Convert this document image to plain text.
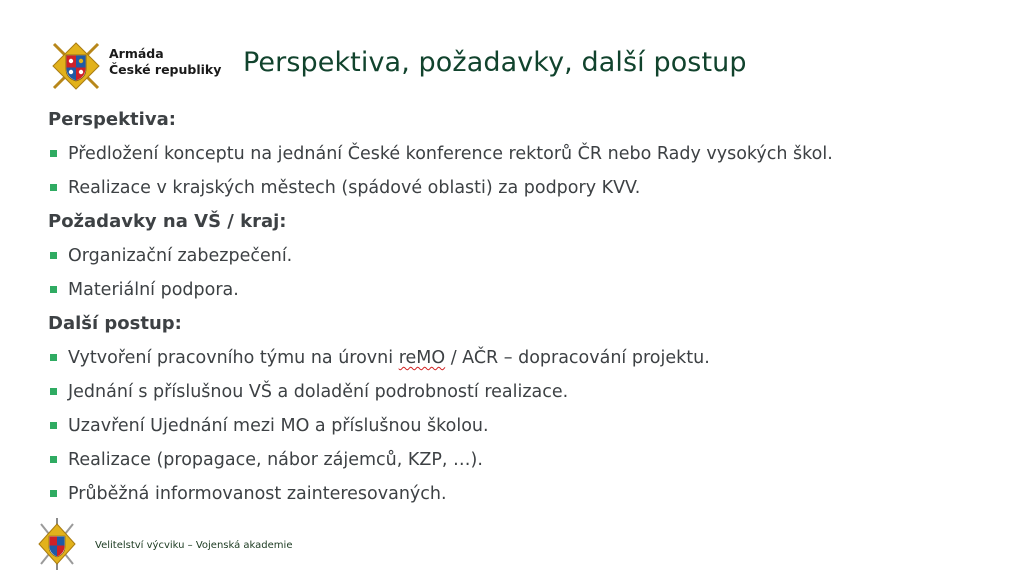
Armáda
České republiky Perspektiva, požadavky, další postup
Perspektiva:
Předložení konceptu na jednání České konference rektorů ČR nebo Rady vysokých škol.
Realizace v krajských městech (spádové oblasti) za podpory KVV.
Požadavky na VŠ / kraj:
Organizační zabezpečení.
Materiální podpora.
Další postup:
Vytvoření pracovního týmu na úrovni reMO / AČR – dopracování projektu.
Jednání s příslušnou VŠ a doladění podrobností realizace.
Uzavření Ujednání mezi MO a příslušnou školou.
Realizace (propagace, nábor zájemců, KZP, …).
Průběžná informovanost zainteresovaných.
Velitelství výcviku – Vojenská akademie
